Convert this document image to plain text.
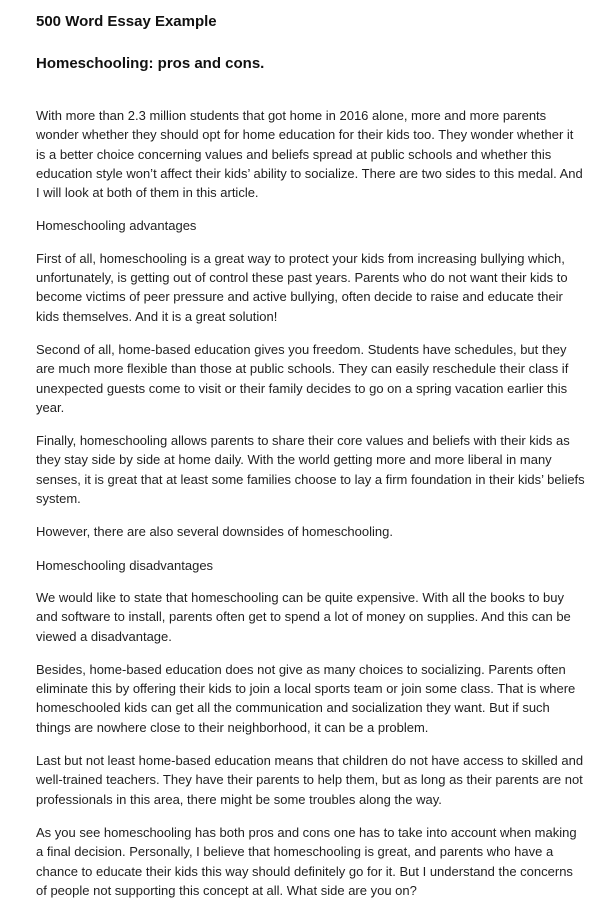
500 Word Essay Example
Homeschooling: pros and cons.

With more than 2.3 million students that got home in 2016 alone, more and more parents wonder whether they should opt for home education for their kids too. They wonder whether it is a better choice concerning values and beliefs spread at public schools and whether this education style won’t affect their kids’ ability to socialize. There are two sides to this medal. And I will look at both of them in this article.

Homeschooling advantages

First of all, homeschooling is a great way to protect your kids from increasing bullying which, unfortunately, is getting out of control these past years. Parents who do not want their kids to become victims of peer pressure and active bullying, often decide to raise and educate their kids themselves. And it is a great solution!

Second of all, home-based education gives you freedom. Students have schedules, but they are much more flexible than those at public schools. They can easily reschedule their class if unexpected guests come to visit or their family decides to go on a spring vacation earlier this year.

Finally, homeschooling allows parents to share their core values and beliefs with their kids as they stay side by side at home daily. With the world getting more and more liberal in many senses, it is great that at least some families choose to lay a firm foundation in their kids’ beliefs system.

However, there are also several downsides of homeschooling.

Homeschooling disadvantages

We would like to state that homeschooling can be quite expensive. With all the books to buy and software to install, parents often get to spend a lot of money on supplies. And this can be viewed a disadvantage.

Besides, home-based education does not give as many choices to socializing. Parents often eliminate this by offering their kids to join a local sports team or join some class. That is where homeschooled kids can get all the communication and socialization they want. But if such things are nowhere close to their neighborhood, it can be a problem.

Last but not least home-based education means that children do not have access to skilled and well-trained teachers. They have their parents to help them, but as long as their parents are not professionals in this area, there might be some troubles along the way.

As you see homeschooling has both pros and cons one has to take into account when making a final decision. Personally, I believe that homeschooling is great, and parents who have a chance to educate their kids this way should definitely go for it. But I understand the concerns of people not supporting this concept at all. What side are you on?
